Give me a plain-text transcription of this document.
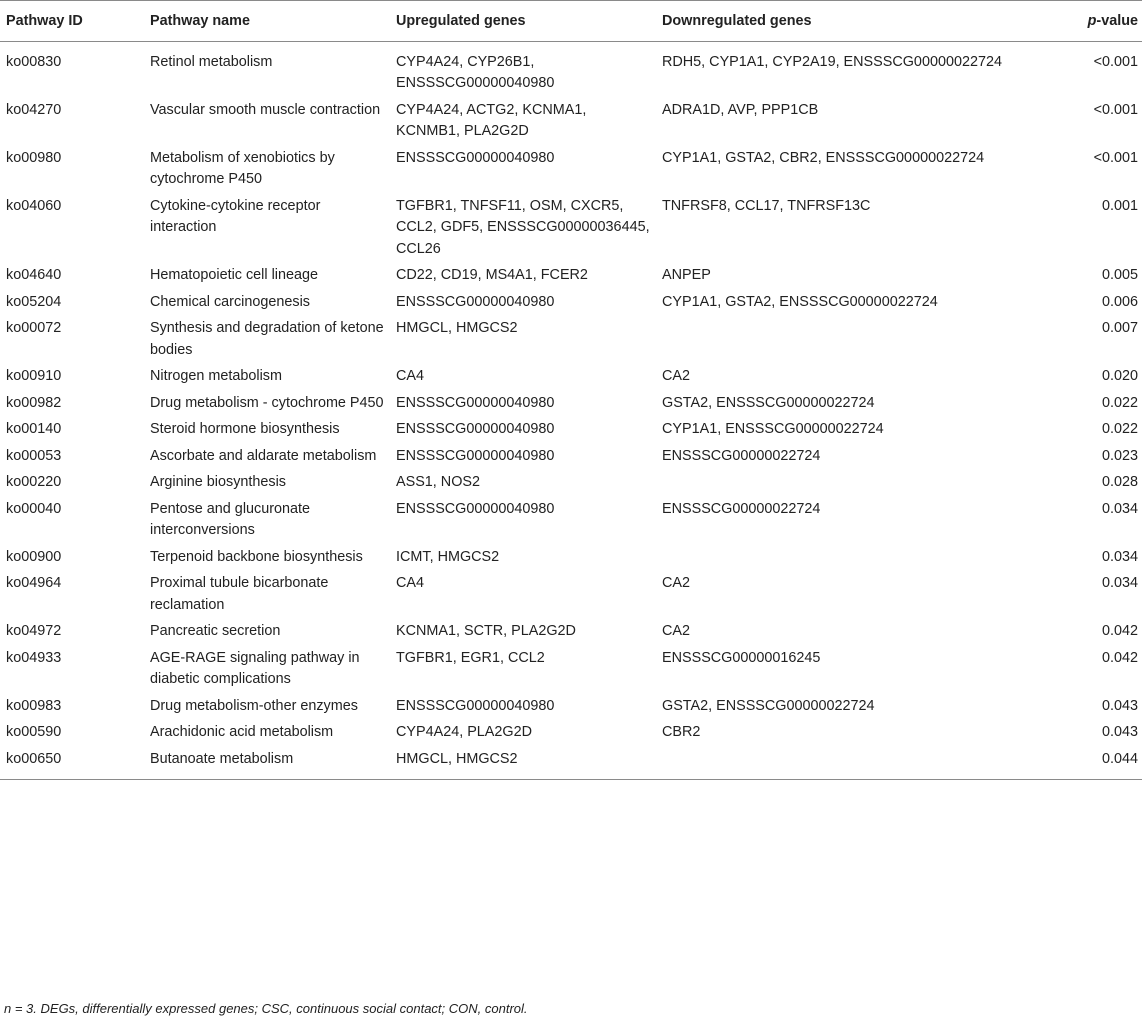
Pathway ID	Pathway name	Upregulated genes	Downregulated genes	p-value
ko00830	Retinol metabolism	CYP4A24, CYP26B1, ENSSSCG00000040980	RDH5, CYP1A1, CYP2A19, ENSSSCG00000022724	<0.001
ko04270	Vascular smooth muscle contraction	CYP4A24, ACTG2, KCNMA1, KCNMB1, PLA2G2D	ADRA1D, AVP, PPP1CB	<0.001
ko00980	Metabolism of xenobiotics by cytochrome P450	ENSSSCG00000040980	CYP1A1, GSTA2, CBR2, ENSSSCG00000022724	<0.001
ko04060	Cytokine-cytokine receptor interaction	TGFBR1, TNFSF11, OSM, CXCR5, CCL2, GDF5, ENSSSCG00000036445, CCL26	TNFRSF8, CCL17, TNFRSF13C	0.001
ko04640	Hematopoietic cell lineage	CD22, CD19, MS4A1, FCER2	ANPEP	0.005
ko05204	Chemical carcinogenesis	ENSSSCG00000040980	CYP1A1, GSTA2, ENSSSCG00000022724	0.006
ko00072	Synthesis and degradation of ketone bodies	HMGCL, HMGCS2		0.007
ko00910	Nitrogen metabolism	CA4	CA2	0.020
ko00982	Drug metabolism - cytochrome P450	ENSSSCG00000040980	GSTA2, ENSSSCG00000022724	0.022
ko00140	Steroid hormone biosynthesis	ENSSSCG00000040980	CYP1A1, ENSSSCG00000022724	0.022
ko00053	Ascorbate and aldarate metabolism	ENSSSCG00000040980	ENSSSCG00000022724	0.023
ko00220	Arginine biosynthesis	ASS1, NOS2		0.028
ko00040	Pentose and glucuronate interconversions	ENSSSCG00000040980	ENSSSCG00000022724	0.034
ko00900	Terpenoid backbone biosynthesis	ICMT, HMGCS2		0.034
ko04964	Proximal tubule bicarbonate reclamation	CA4	CA2	0.034
ko04972	Pancreatic secretion	KCNMA1, SCTR, PLA2G2D	CA2	0.042
ko04933	AGE-RAGE signaling pathway in diabetic complications	TGFBR1, EGR1, CCL2	ENSSSCG00000016245	0.042
ko00983	Drug metabolism-other enzymes	ENSSSCG00000040980	GSTA2, ENSSSCG00000022724	0.043
ko00590	Arachidonic acid metabolism	CYP4A24, PLA2G2D	CBR2	0.043
ko00650	Butanoate metabolism	HMGCL, HMGCS2		0.044
n = 3. DEGs, differentially expressed genes; CSC, continuous social contact; CON, control.
